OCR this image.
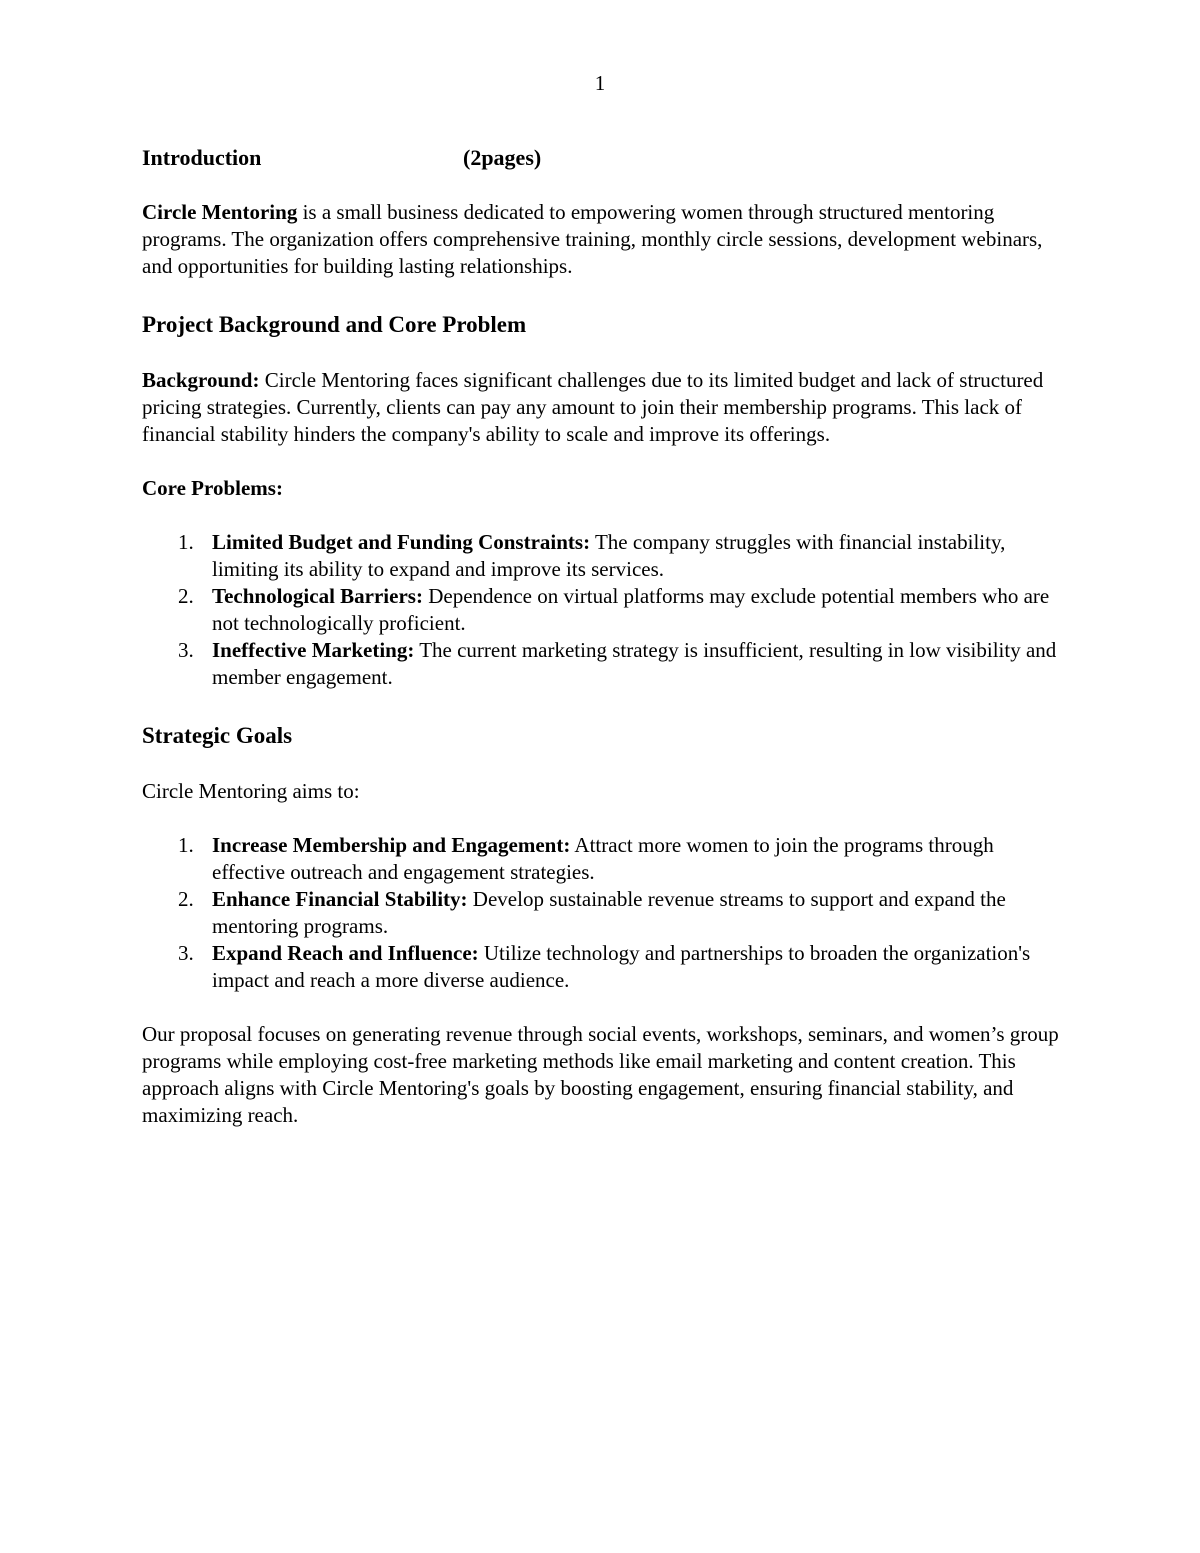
1
Introduction	(2pages)

Circle Mentoring is a small business dedicated to empowering women through structured mentoring programs. The organization offers comprehensive training, monthly circle sessions, development webinars, and opportunities for building lasting relationships.

Project Background and Core Problem

Background: Circle Mentoring faces significant challenges due to its limited budget and lack of structured pricing strategies. Currently, clients can pay any amount to join their membership programs. This lack of financial stability hinders the company's ability to scale and improve its offerings.

Core Problems:
1. Limited Budget and Funding Constraints: The company struggles with financial instability, limiting its ability to expand and improve its services.
2. Technological Barriers: Dependence on virtual platforms may exclude potential members who are not technologically proficient.
3. Ineffective Marketing: The current marketing strategy is insufficient, resulting in low visibility and member engagement.
Strategic Goals

Circle Mentoring aims to:

1. Increase Membership and Engagement: Attract more women to join the programs through effective outreach and engagement strategies.
2. Enhance Financial Stability: Develop sustainable revenue streams to support and expand the mentoring programs.
3. Expand Reach and Influence: Utilize technology and partnerships to broaden the organization's impact and reach a more diverse audience.

Our proposal focuses on generating revenue through social events, workshops, seminars, and women’s group programs while employing cost-free marketing methods like email marketing and content creation. This approach aligns with Circle Mentoring's goals by boosting engagement, ensuring financial stability, and maximizing reach.
